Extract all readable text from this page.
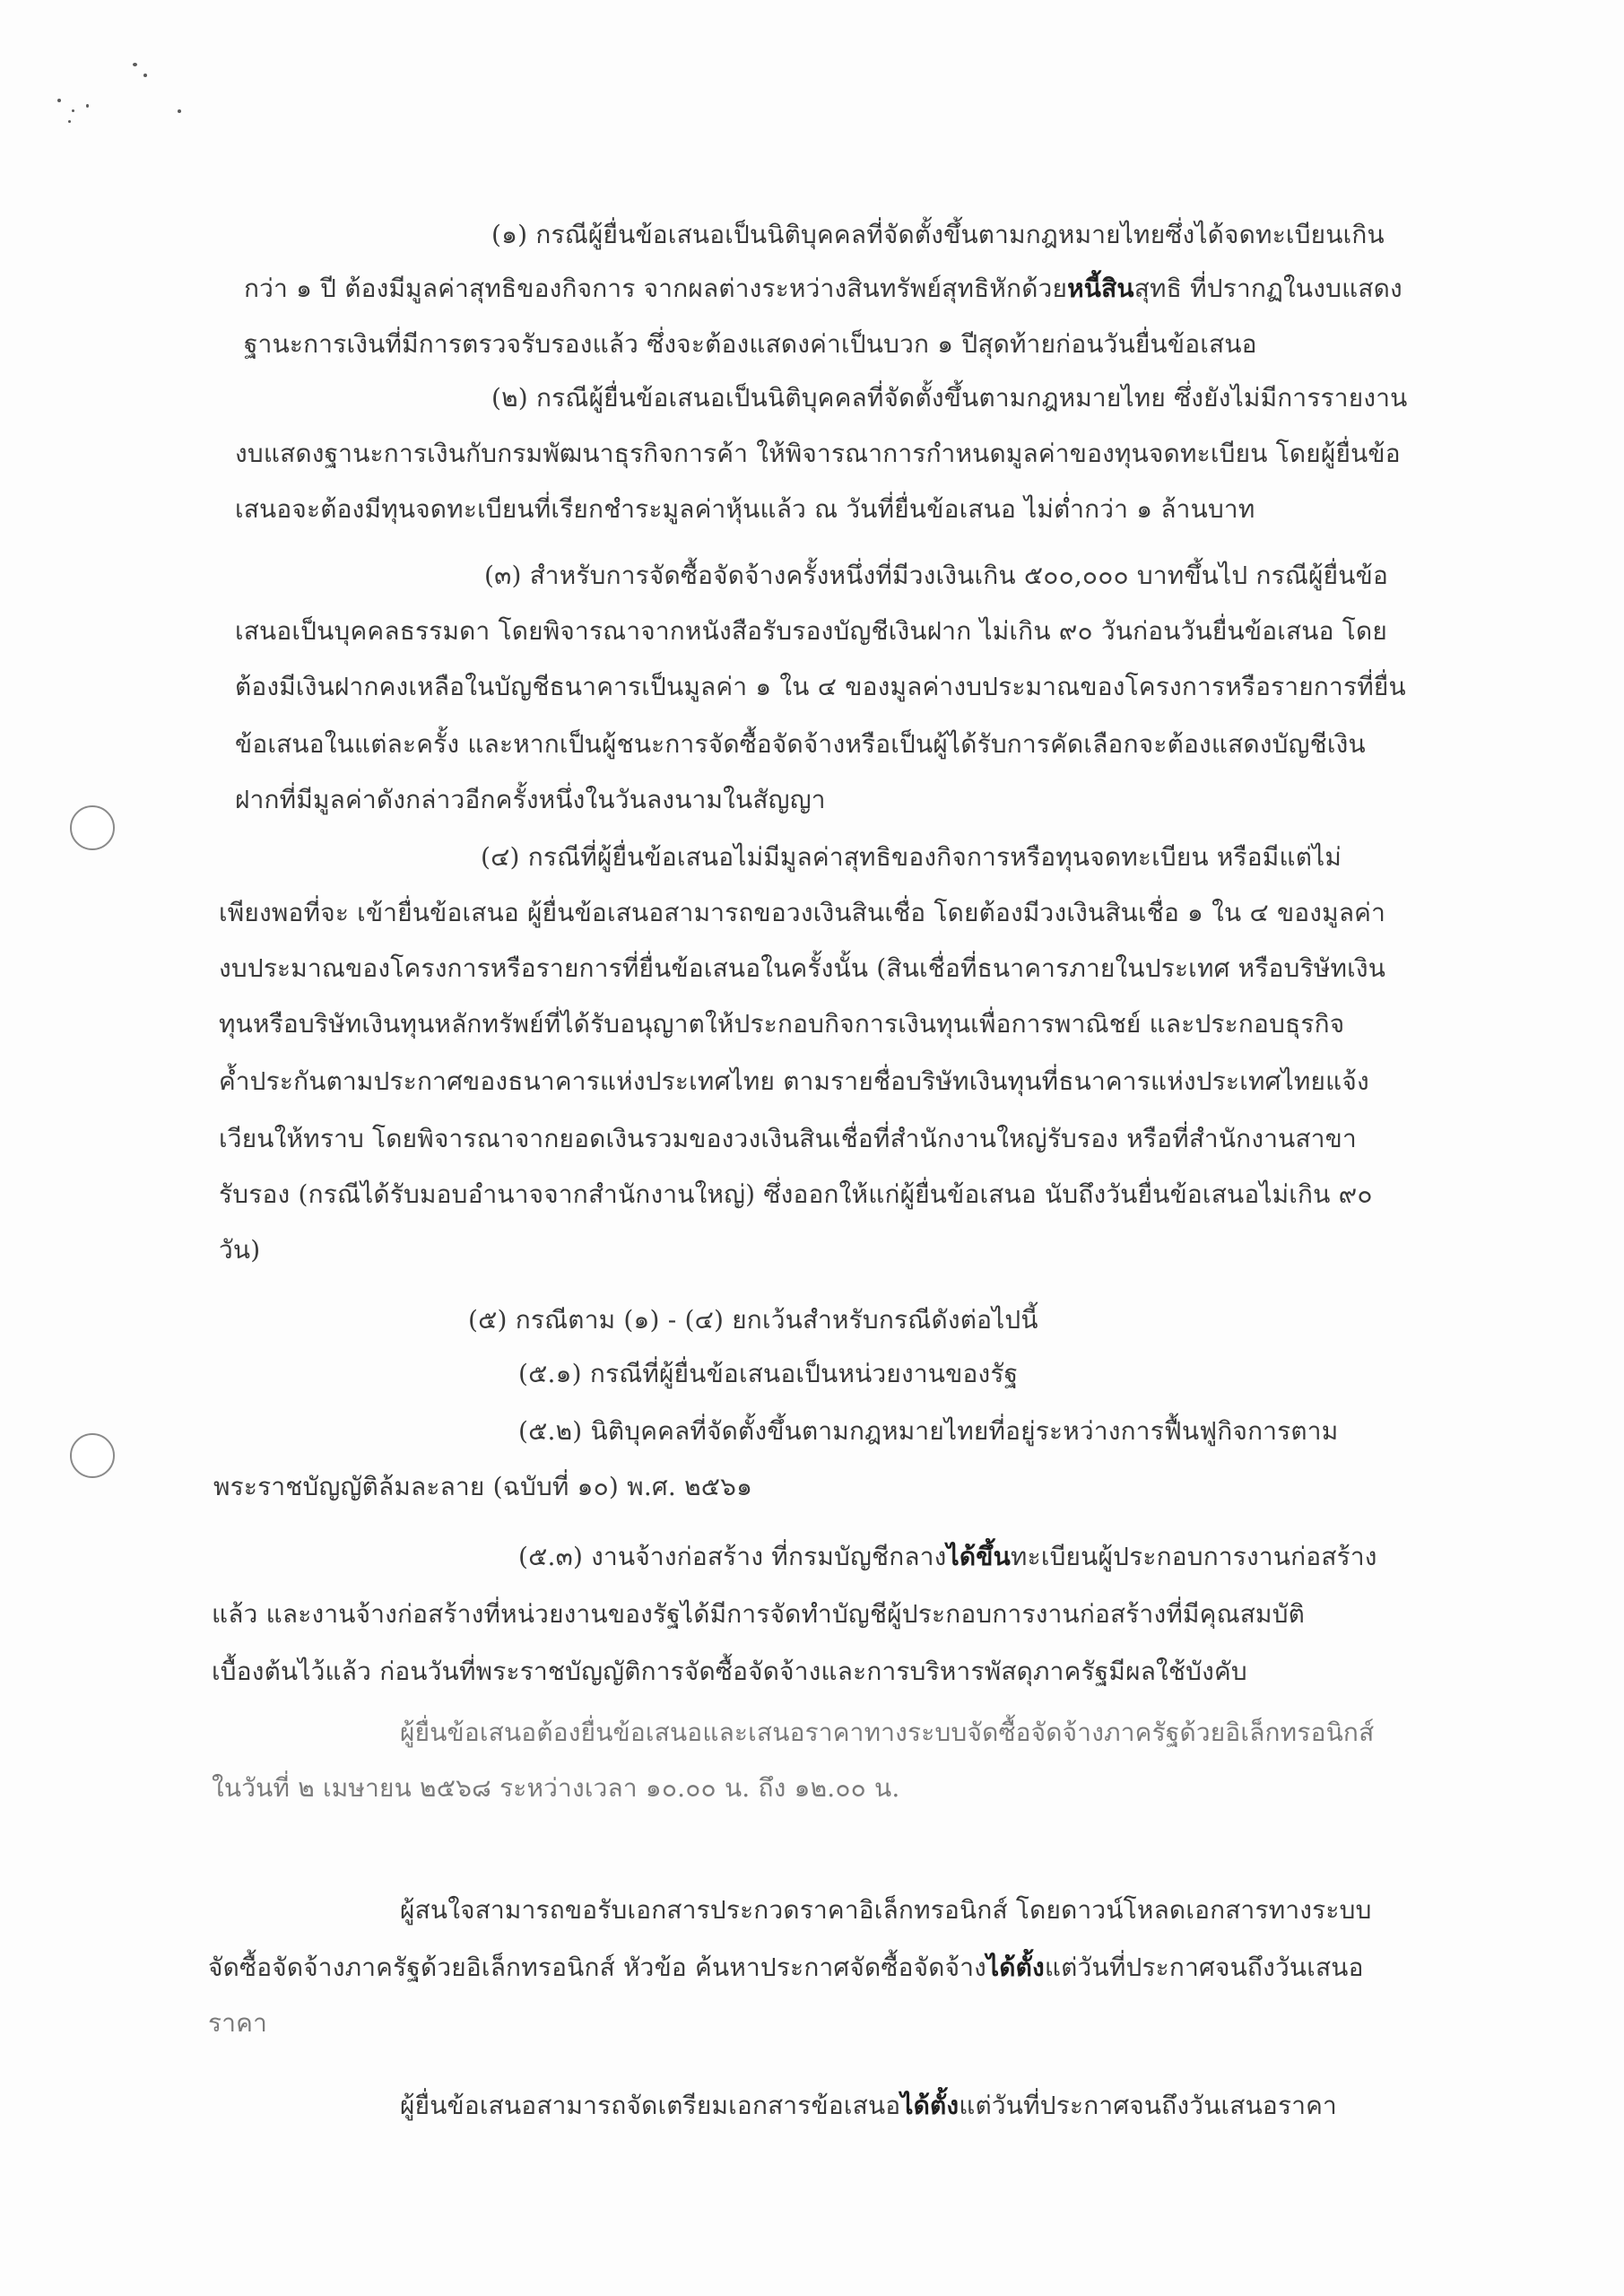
(๑) กรณีผู้ยื่นข้อเสนอเป็นนิติบุคคลที่จัดตั้งขึ้นตามกฎหมายไทยซึ่งได้จดทะเบียนเกิน
กว่า ๑ ปี ต้องมีมูลค่าสุทธิของกิจการ จากผลต่างระหว่างสินทรัพย์สุทธิหักด้วยหนี้สินสุทธิ ที่ปรากฏในงบแสดง
ฐานะการเงินที่มีการตรวจรับรองแล้ว ซึ่งจะต้องแสดงค่าเป็นบวก ๑ ปีสุดท้ายก่อนวันยื่นข้อเสนอ
(๒) กรณีผู้ยื่นข้อเสนอเป็นนิติบุคคลที่จัดตั้งขึ้นตามกฎหมายไทย ซึ่งยังไม่มีการรายงาน
งบแสดงฐานะการเงินกับกรมพัฒนาธุรกิจการค้า ให้พิจารณาการกำหนดมูลค่าของทุนจดทะเบียน โดยผู้ยื่นข้อ
เสนอจะต้องมีทุนจดทะเบียนที่เรียกชำระมูลค่าหุ้นแล้ว ณ วันที่ยื่นข้อเสนอ ไม่ต่ำกว่า ๑ ล้านบาท
(๓) สำหรับการจัดซื้อจัดจ้างครั้งหนึ่งที่มีวงเงินเกิน ๕๐๐,๐๐๐ บาทขึ้นไป กรณีผู้ยื่นข้อ
เสนอเป็นบุคคลธรรมดา โดยพิจารณาจากหนังสือรับรองบัญชีเงินฝาก ไม่เกิน ๙๐ วันก่อนวันยื่นข้อเสนอ โดย
ต้องมีเงินฝากคงเหลือในบัญชีธนาคารเป็นมูลค่า ๑ ใน ๔ ของมูลค่างบประมาณของโครงการหรือรายการที่ยื่น
ข้อเสนอในแต่ละครั้ง และหากเป็นผู้ชนะการจัดซื้อจัดจ้างหรือเป็นผู้ได้รับการคัดเลือกจะต้องแสดงบัญชีเงิน
ฝากที่มีมูลค่าดังกล่าวอีกครั้งหนึ่งในวันลงนามในสัญญา
(๔) กรณีที่ผู้ยื่นข้อเสนอไม่มีมูลค่าสุทธิของกิจการหรือทุนจดทะเบียน หรือมีแต่ไม่
เพียงพอที่จะ เข้ายื่นข้อเสนอ ผู้ยื่นข้อเสนอสามารถขอวงเงินสินเชื่อ โดยต้องมีวงเงินสินเชื่อ ๑ ใน ๔ ของมูลค่า
งบประมาณของโครงการหรือรายการที่ยื่นข้อเสนอในครั้งนั้น (สินเชื่อที่ธนาคารภายในประเทศ หรือบริษัทเงิน
ทุนหรือบริษัทเงินทุนหลักทรัพย์ที่ได้รับอนุญาตให้ประกอบกิจการเงินทุนเพื่อการพาณิชย์ และประกอบธุรกิจ
ค้ำประกันตามประกาศของธนาคารแห่งประเทศไทย ตามรายชื่อบริษัทเงินทุนที่ธนาคารแห่งประเทศไทยแจ้ง
เวียนให้ทราบ โดยพิจารณาจากยอดเงินรวมของวงเงินสินเชื่อที่สำนักงานใหญ่รับรอง หรือที่สำนักงานสาขา
รับรอง (กรณีได้รับมอบอำนาจจากสำนักงานใหญ่) ซึ่งออกให้แก่ผู้ยื่นข้อเสนอ นับถึงวันยื่นข้อเสนอไม่เกิน ๙๐
วัน)
(๕) กรณีตาม (๑) - (๔) ยกเว้นสำหรับกรณีดังต่อไปนี้
(๕.๑) กรณีที่ผู้ยื่นข้อเสนอเป็นหน่วยงานของรัฐ
(๕.๒) นิติบุคคลที่จัดตั้งขึ้นตามกฎหมายไทยที่อยู่ระหว่างการฟื้นฟูกิจการตาม
พระราชบัญญัติล้มละลาย (ฉบับที่ ๑๐) พ.ศ. ๒๕๖๑
(๕.๓) งานจ้างก่อสร้าง ที่กรมบัญชีกลางได้ขึ้นทะเบียนผู้ประกอบการงานก่อสร้าง
แล้ว และงานจ้างก่อสร้างที่หน่วยงานของรัฐได้มีการจัดทำบัญชีผู้ประกอบการงานก่อสร้างที่มีคุณสมบัติ
เบื้องต้นไว้แล้ว ก่อนวันที่พระราชบัญญัติการจัดซื้อจัดจ้างและการบริหารพัสดุภาครัฐมีผลใช้บังคับ
ผู้ยื่นข้อเสนอต้องยื่นข้อเสนอและเสนอราคาทางระบบจัดซื้อจัดจ้างภาครัฐด้วยอิเล็กทรอนิกส์
ในวันที่ ๒ เมษายน ๒๕๖๘ ระหว่างเวลา ๑๐.๐๐ น. ถึง ๑๒.๐๐ น.
ผู้สนใจสามารถขอรับเอกสารประกวดราคาอิเล็กทรอนิกส์ โดยดาวน์โหลดเอกสารทางระบบ
จัดซื้อจัดจ้างภาครัฐด้วยอิเล็กทรอนิกส์ หัวข้อ ค้นหาประกาศจัดซื้อจัดจ้างได้ตั้งแต่วันที่ประกาศจนถึงวันเสนอ
ราคา
ผู้ยื่นข้อเสนอสามารถจัดเตรียมเอกสารข้อเสนอได้ตั้งแต่วันที่ประกาศจนถึงวันเสนอราคา
